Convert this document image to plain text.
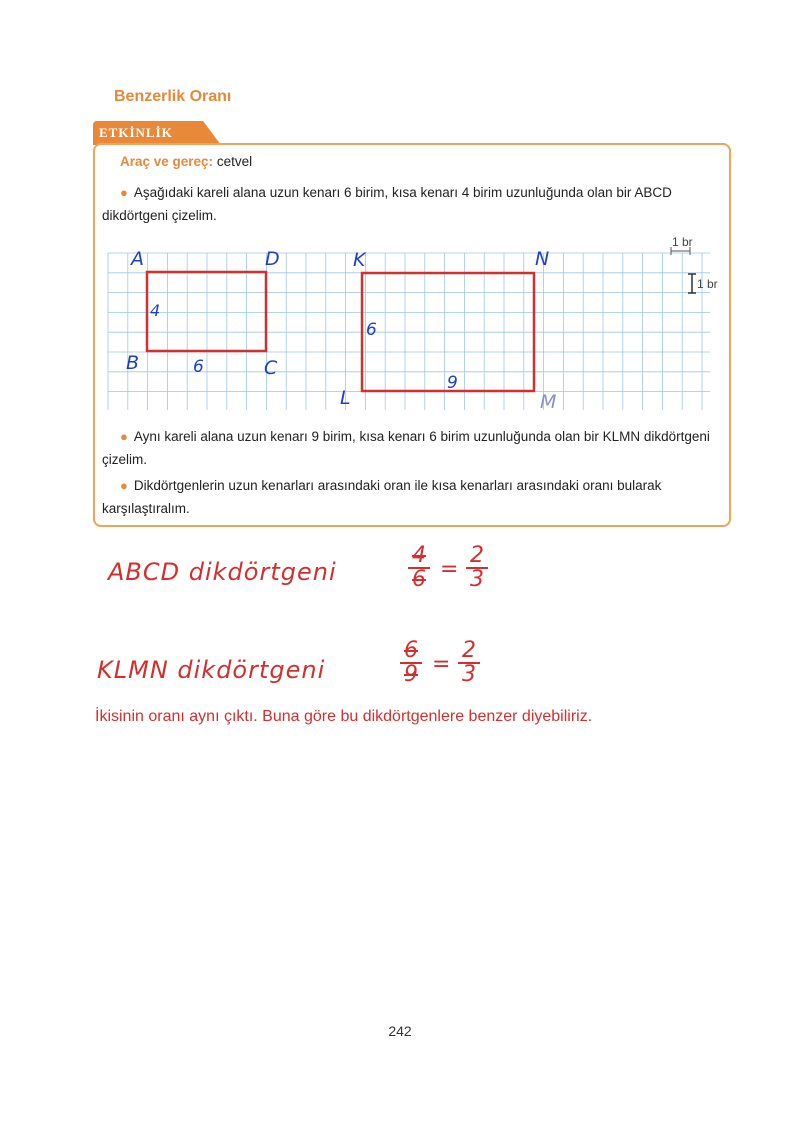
Benzerlik Oranı
ETKİNLİK
Araç ve gereç: cetvel
● Aşağıdaki kareli alana uzun kenarı 6 birim, kısa kenarı 4 birim uzunluğunda olan bir ABCD dikdörtgeni çizelim.
1 br
1 br
A	D
B	C
4
6
K	N
L	M
6
9
● Aynı kareli alana uzun kenarı 9 birim, kısa kenarı 6 birim uzunluğunda olan bir KLMN dikdörtgeni çizelim.
● Dikdörtgenlerin uzun kenarları arasındaki oran ile kısa kenarları arasındaki oranı bularak karşılaştıralım.
ABCD dikdörtgeni
4
6 =
2
3
KLMN dikdörtgeni
6
9 =
2
3
İkisinin oranı aynı çıktı. Buna göre bu dikdörtgenlere benzer diyebiliriz.
242
